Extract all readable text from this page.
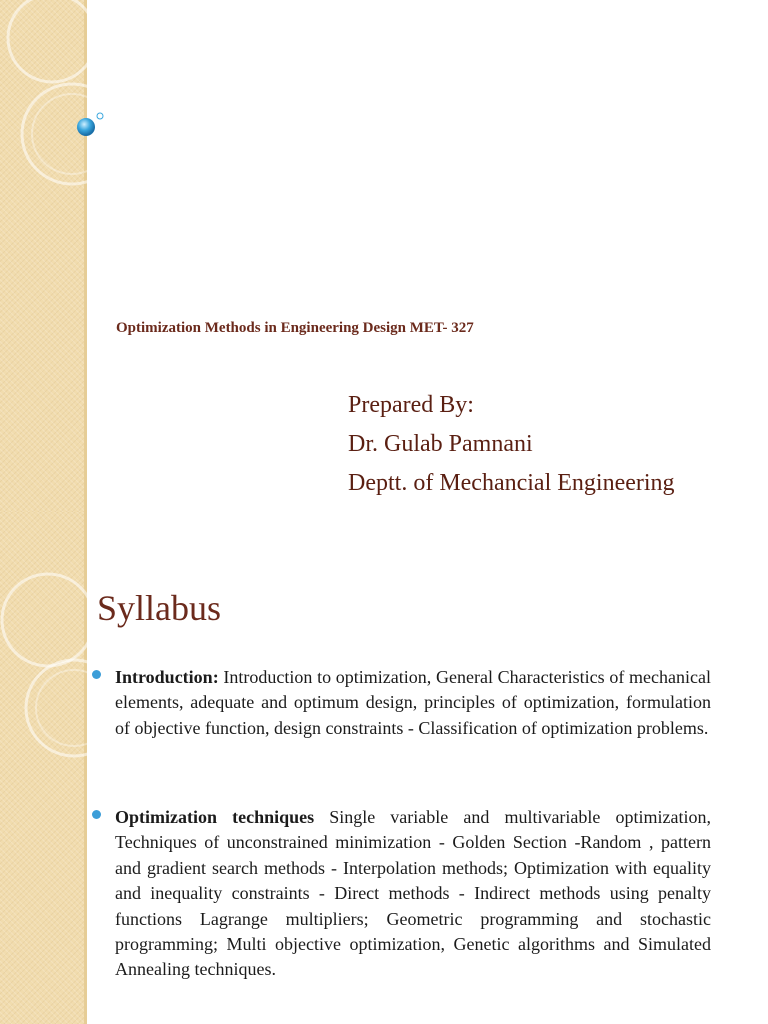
Optimization Methods in Engineering Design MET- 327
Prepared By:
Dr. Gulab Pamnani
Deptt. of Mechancial Engineering
Syllabus
Introduction: Introduction to optimization, General Characteristics of mechanical elements, adequate and optimum design, principles of optimization, formulation of objective function, design constraints - Classification of optimization problems.
Optimization techniques Single variable and multivariable optimization, Techniques of unconstrained minimization - Golden Section -Random , pattern and gradient search methods - Interpolation methods; Optimization with equality and inequality constraints - Direct methods - Indirect methods using penalty functions Lagrange multipliers; Geometric programming and stochastic programming; Multi objective optimization, Genetic algorithms and Simulated Annealing techniques.
